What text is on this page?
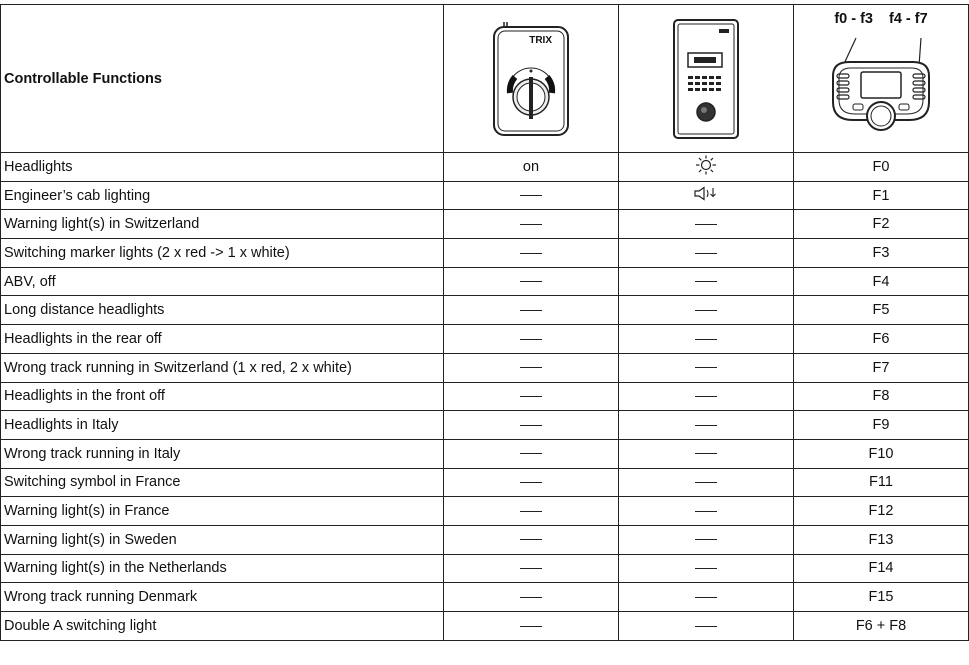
Controllable Functions	TRIX		f0 - f3 f4 - f7

Headlights	on		F0
Engineer’s cab lighting			F1
Warning light(s) in Switzerland			F2
Switching marker lights (2 x red -> 1 x white)			F3
ABV, off			F4
Long distance headlights			F5
Headlights in the rear off			F6
Wrong track running in Switzerland (1 x red, 2 x white)			F7
Headlights in the front off			F8
Headlights in Italy			F9
Wrong track running in Italy			F10
Switching symbol in France			F11
Warning light(s) in France			F12
Warning light(s) in Sweden			F13
Warning light(s) in the Netherlands			F14
Wrong track running Denmark			F15
Double A switching light			F6 + F8
